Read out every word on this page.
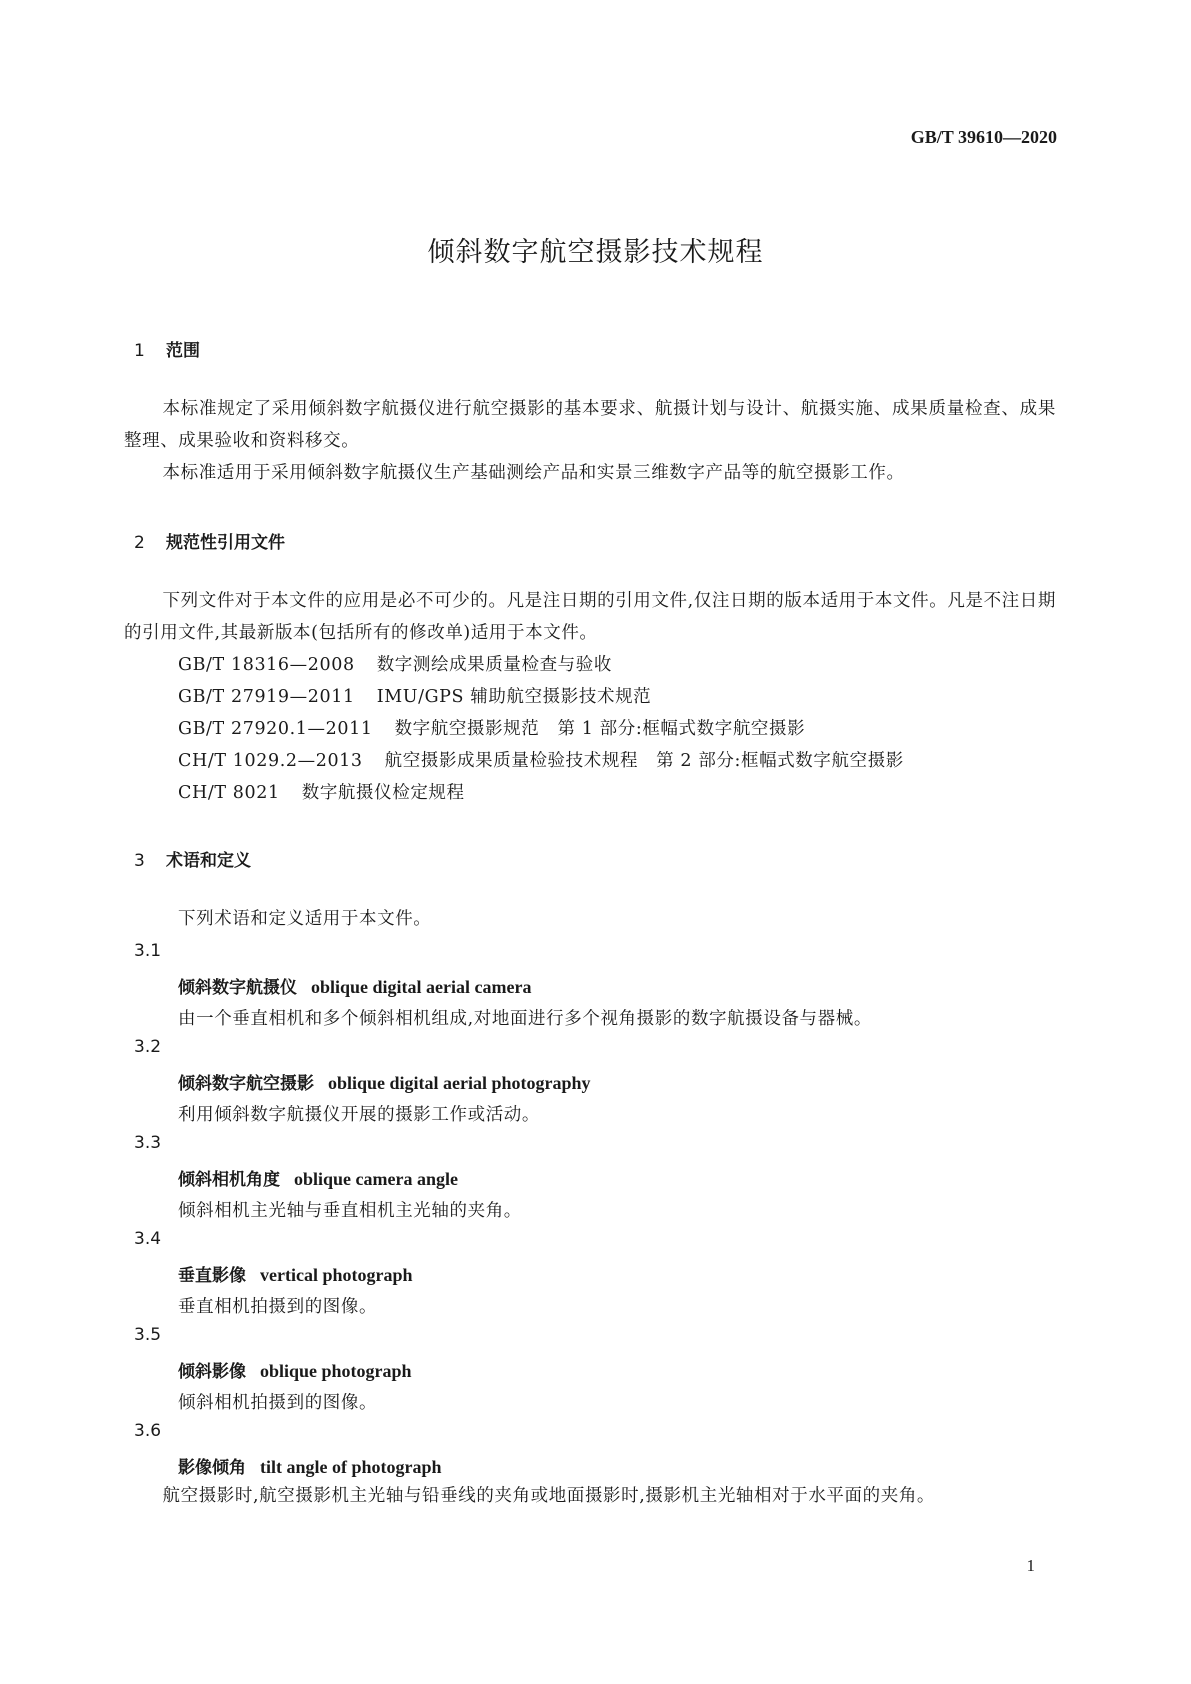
GB/T 39610—2020
倾斜数字航空摄影技术规程
1 范围
本标准规定了采用倾斜数字航摄仪进行航空摄影的基本要求、航摄计划与设计、航摄实施、成果质量检查、成果整理、成果验收和资料移交。
本标准适用于采用倾斜数字航摄仪生产基础测绘产品和实景三维数字产品等的航空摄影工作。
2 规范性引用文件
下列文件对于本文件的应用是必不可少的。凡是注日期的引用文件,仅注日期的版本适用于本文件。凡是不注日期的引用文件,其最新版本(包括所有的修改单)适用于本文件。
GB/T 18316—2008 数字测绘成果质量检查与验收
GB/T 27919—2011 IMU/GPS 辅助航空摄影技术规范
GB/T 27920.1—2011 数字航空摄影规范　第 1 部分:框幅式数字航空摄影
CH/T 1029.2—2013 航空摄影成果质量检验技术规程　第 2 部分:框幅式数字航空摄影
CH/T 8021 数字航摄仪检定规程
3 术语和定义
下列术语和定义适用于本文件。
3.1
倾斜数字航摄仪 oblique digital aerial camera
由一个垂直相机和多个倾斜相机组成,对地面进行多个视角摄影的数字航摄设备与器械。
3.2
倾斜数字航空摄影 oblique digital aerial photography
利用倾斜数字航摄仪开展的摄影工作或活动。
3.3
倾斜相机角度 oblique camera angle
倾斜相机主光轴与垂直相机主光轴的夹角。
3.4
垂直影像 vertical photograph
垂直相机拍摄到的图像。
3.5
倾斜影像 oblique photograph
倾斜相机拍摄到的图像。
3.6
影像倾角 tilt angle of photograph
航空摄影时,航空摄影机主光轴与铅垂线的夹角或地面摄影时,摄影机主光轴相对于水平面的夹角。
1
